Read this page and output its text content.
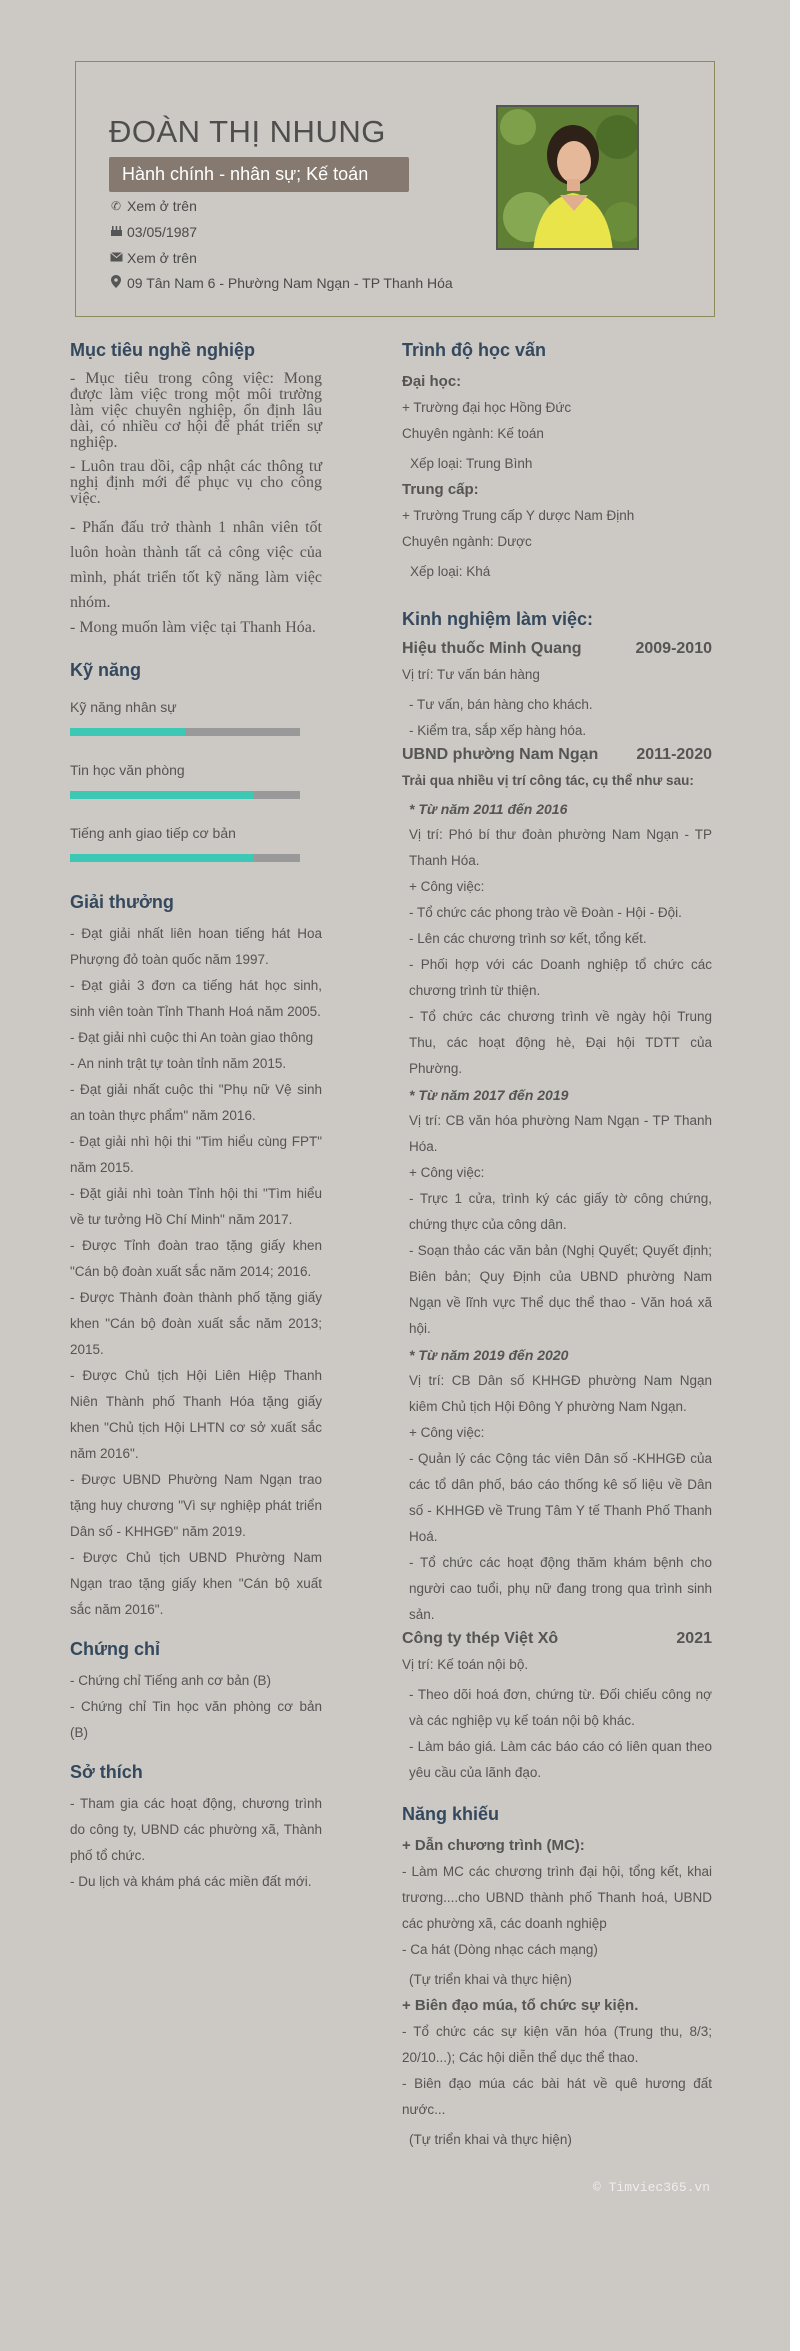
ĐOÀN THỊ NHUNG
Hành chính - nhân sự; Kế toán
✆ Xem ở trên
03/05/1987
Xem ở trên
09 Tân Nam 6 - Phường Nam Ngạn - TP Thanh Hóa
Mục tiêu nghề nghiệp

- Mục tiêu trong công việc: Mong được làm việc trong một môi trường làm việc chuyên nghiệp, ổn định lâu dài, có nhiều cơ hội để phát triển sự nghiệp.

- Luôn trau dồi, cập nhật các thông tư nghị định mới để phục vụ cho công việc.

- Phấn đấu trở thành 1 nhân viên tốt luôn hoàn thành tất cả công việc của mình, phát triển tốt kỹ năng làm việc nhóm.

- Mong muốn làm việc tại Thanh Hóa.

Kỹ năng
Kỹ năng nhân sự
Tin học văn phòng
Tiếng anh giao tiếp cơ bản
Giải thưởng

- Đạt giải nhất liên hoan tiếng hát Hoa Phượng đỏ toàn quốc năm 1997.

- Đạt giải 3 đơn ca tiếng hát học sinh, sinh viên toàn Tỉnh Thanh Hoá năm 2005.

- Đạt giải nhì cuộc thi An toàn giao thông

- An ninh trật tự toàn tỉnh năm 2015.

- Đạt giải nhất cuộc thi "Phụ nữ Vệ sinh an toàn thực phẩm" năm 2016.

- Đạt giải nhì hội thi "Tim hiểu cùng FPT" năm 2015.

- Đặt giải nhì toàn Tỉnh hội thi "Tìm hiểu về tư tưởng Hồ Chí Minh" năm 2017.

- Được Tỉnh đoàn trao tặng giấy khen "Cán bộ đoàn xuất sắc năm 2014; 2016.

- Được Thành đoàn thành phố tặng giấy khen "Cán bộ đoàn xuất sắc năm 2013; 2015.

- Được Chủ tịch Hội Liên Hiệp Thanh Niên Thành phố Thanh Hóa tặng giấy khen "Chủ tịch Hội LHTN cơ sở xuất sắc năm 2016".

- Được UBND Phường Nam Ngạn trao tặng huy chương "Vì sự nghiệp phát triển Dân số - KHHGĐ" năm 2019.

- Được Chủ tịch UBND Phường Nam Ngạn trao tặng giấy khen "Cán bộ xuất sắc năm 2016".

Chứng chỉ

- Chứng chỉ Tiếng anh cơ bản (B)

- Chứng chỉ Tin học văn phòng cơ bản (B)

Sở thích

- Tham gia các hoạt động, chương trình do công ty, UBND các phường xã, Thành phố tổ chức.

- Du lịch và khám phá các miền đất mới.

Trình độ học vấn
Đại học:
+ Trường đại học Hồng Đức
Chuyên ngành: Kế toán
Xếp loại: Trung Bình
Trung cấp:
+ Trường Trung cấp Y dược Nam Định
Chuyên ngành: Dược
Xếp loại: Khá
Kinh nghiệm làm việc:
Hiệu thuốc Minh Quang	2009-2010
Vị trí: Tư vấn bán hàng
- Tư vấn, bán hàng cho khách.
- Kiểm tra, sắp xếp hàng hóa.
UBND phường Nam Ngạn 2011-2020
Trải qua nhiều vị trí công tác, cụ thể như sau:
* Từ năm 2011 đến 2016
Vị trí: Phó bí thư đoàn phường Nam Ngạn - TP Thanh Hóa.
+ Công việc:
- Tổ chức các phong trào về Đoàn - Hội - Đội.
- Lên các chương trình sơ kết, tổng kết.
- Phối hợp với các Doanh nghiệp tổ chức các chương trình từ thiện.
- Tổ chức các chương trình về ngày hội Trung Thu, các hoạt động hè, Đại hội TDTT của Phường.
* Từ năm 2017 đến 2019
Vị trí: CB văn hóa phường Nam Ngạn - TP Thanh Hóa.
+ Công việc:
- Trực 1 cửa, trình ký các giấy tờ công chứng, chứng thực của công dân.
- Soạn thảo các văn bản (Nghị Quyết; Quyết định; Biên bản; Quy Định của UBND phường Nam Ngạn về lĩnh vực Thể dục thể thao - Văn hoá xã hội.
* Từ năm 2019 đến 2020
Vị trí: CB Dân số KHHGĐ phường Nam Ngạn kiêm Chủ tịch Hội Đông Y phường Nam Ngạn.
+ Công việc:
- Quản lý các Cộng tác viên Dân số -KHHGĐ của các tổ dân phố, báo cáo thống kê số liệu về Dân số - KHHGĐ về Trung Tâm Y tế Thanh Phố Thanh Hoá.
- Tổ chức các hoạt động thăm khám bệnh cho người cao tuổi, phụ nữ đang trong qua trình sinh sản.
Công ty thép Việt Xô	2021
Vị trí: Kế toán nội bộ.
- Theo dõi hoá đơn, chứng từ. Đối chiếu công nợ và các nghiệp vụ kế toán nội bộ khác.
- Làm báo giá. Làm các báo cáo có liên quan theo yêu cầu của lãnh đạo.
Năng khiếu
+ Dẫn chương trình (MC):
- Làm MC các chương trình đại hội, tổng kết, khai trương....cho UBND thành phố Thanh hoá, UBND các phường xã, các doanh nghiệp
- Ca hát (Dòng nhạc cách mạng)
(Tự triển khai và thực hiện)
+ Biên đạo múa, tổ chức sự kiện.
- Tổ chức các sự kiện văn hóa (Trung thu, 8/3; 20/10...); Các hội diễn thể dục thể thao.
- Biên đạo múa các bài hát về quê hương đất nước...
(Tự triển khai và thực hiện)
© Timviec365.vn
